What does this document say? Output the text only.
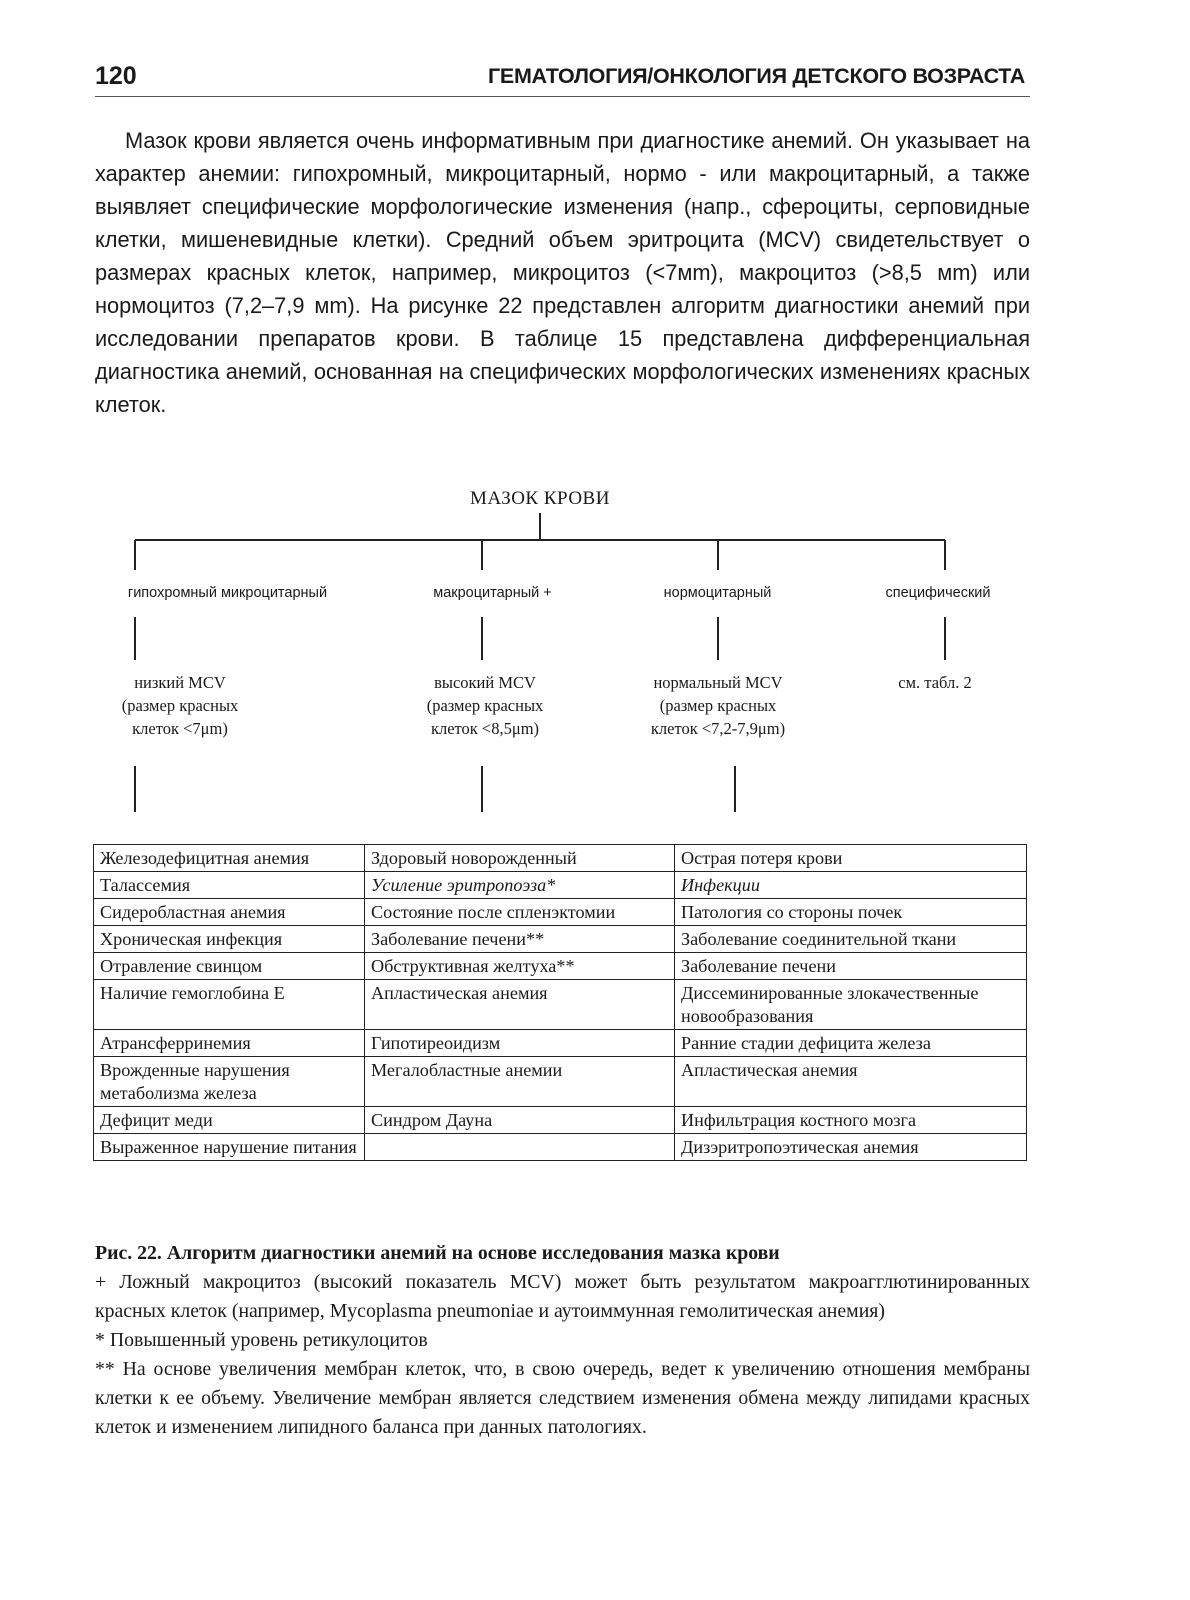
120	ГЕМАТОЛОГИЯ/ОНКОЛОГИЯ ДЕТСКОГО ВОЗРАСТА

Мазок крови является очень информативным при диагностике анемий. Он указывает на характер анемии: гипохромный, микроцитарный, нормо - или макроцитарный, а также выявляет специфические морфологические изменения (напр., сфероциты, серповидные клетки, мишеневидные клетки). Средний объем эритроцита (MCV) свидетельствует о размерах красных клеток, например, микроцитоз (<7мm), макроцитоз (>8,5 мm) или нормоцитоз (7,2–7,9 мm). На рисунке 22 представлен алгоритм диагностики анемий при исследовании препаратов крови. В таблице 15 представлена дифференциальная диагностика анемий, основанная на специфических морфологических изменениях красных клеток.

МАЗОК КРОВИ
гипохромный микроцитарный	макроцитарный +	нормоцитарный	специфический
низкий MCV
(размер красных
клеток <7μm)
высокий MCV
(размер красных
клеток <8,5μm)
нормальный MCV
(размер красных
клеток <7,2-7,9μm)
см. табл. 2
Железодефицитная анемия	Здоровый новорожденный	Острая потеря крови
Талассемия	Усиление эритропоэза*	Инфекции
Сидеробластная анемия	Состояние после спленэктомии	Патология со стороны почек
Хроническая инфекция	Заболевание печени**	Заболевание соединительной ткани
Отравление свинцом	Обструктивная желтуха**	Заболевание печени
Наличие гемоглобина Е	Апластическая анемия	Диссеминированные злокачественные новообразования
Атрансферринемия	Гипотиреоидизм	Ранние стадии дефицита железа
Врожденные нарушения метаболизма железа	Мегалобластные анемии	Апластическая анемия
Дефицит меди	Синдром Дауна	Инфильтрация костного мозга
Выраженное нарушение питания		Дизэритропоэтическая анемия

Рис. 22. Алгоритм диагностики анемий на основе исследования мазка крови

+ Ложный макроцитоз (высокий показатель MCV) может быть результатом макроагглютинированных красных клеток (например, Mycoplasma pneumoniae и аутоиммунная гемолитическая анемия)

* Повышенный уровень ретикулоцитов

** На основе увеличения мембран клеток, что, в свою очередь, ведет к увеличению отношения мембраны клетки к ее объему. Увеличение мембран является следствием изменения обмена между липидами красных клеток и изменением липидного баланса при данных патологиях.
